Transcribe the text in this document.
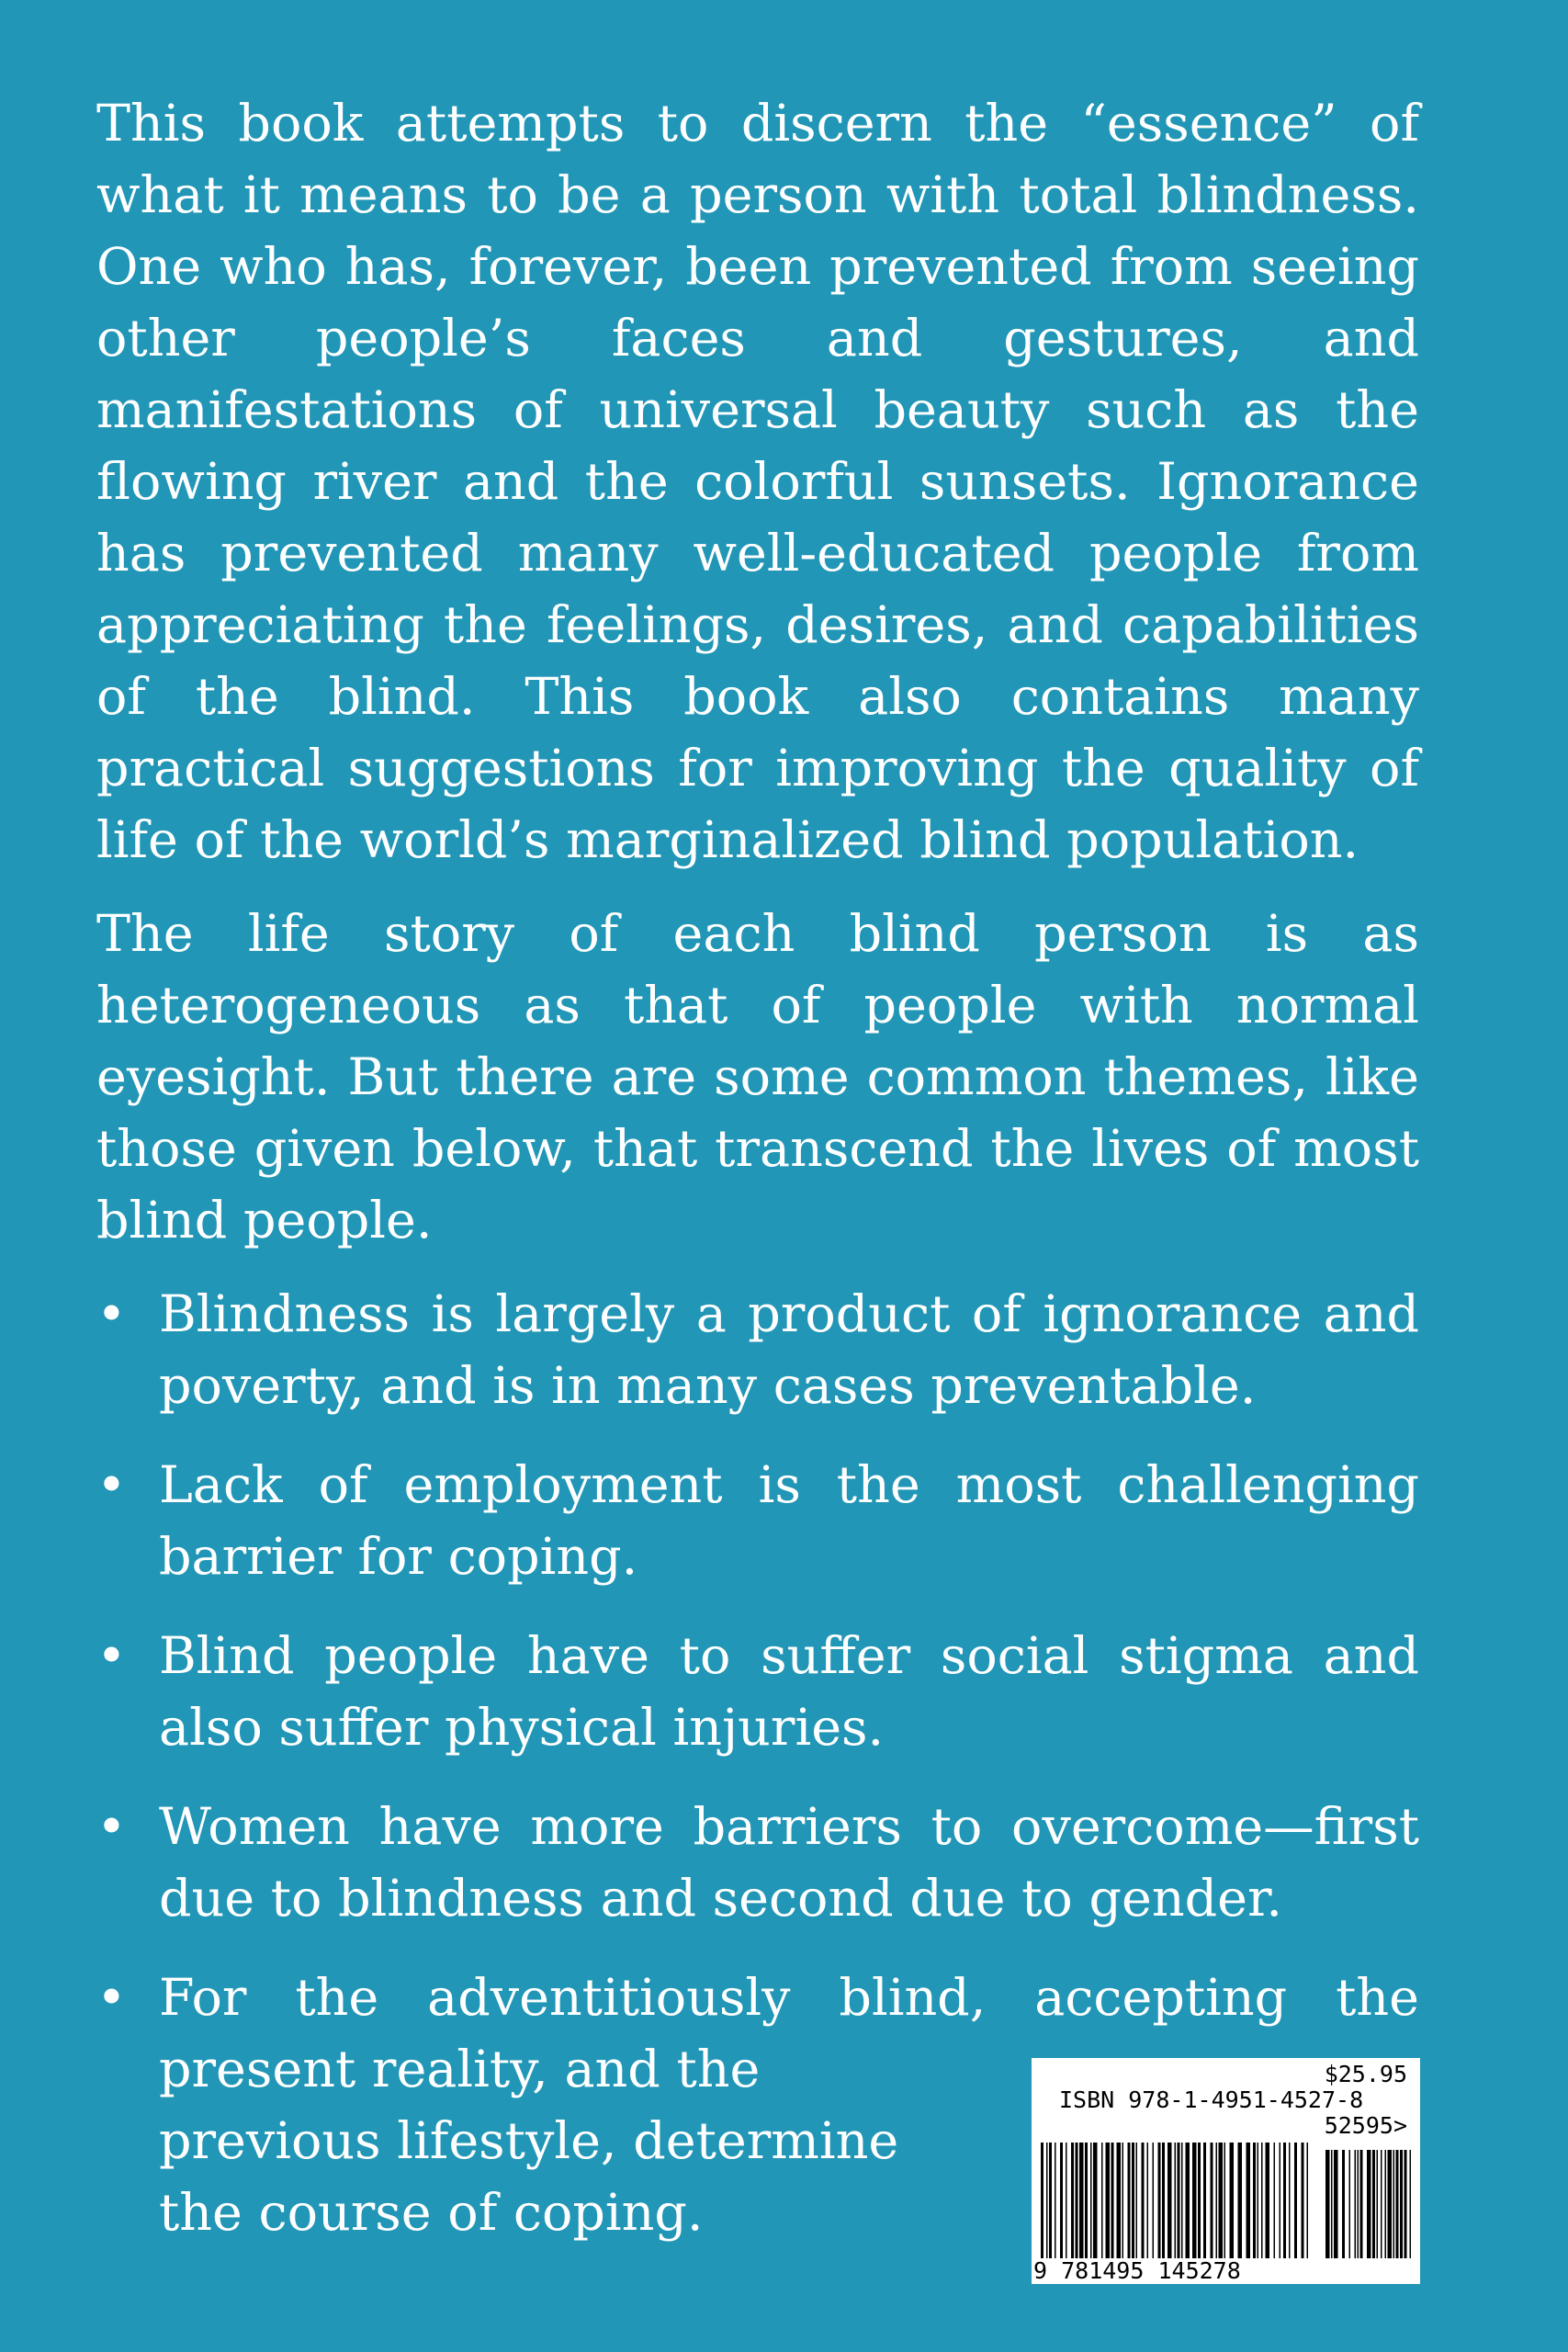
This book attempts to discern the “essence” of what it means to be a person with total blindness. One who has, forever, been prevented from seeing other people’s faces and gestures, and manifestations of universal beauty such as the flowing river and the colorful sunsets. Ignorance has prevented many well-educated people from appreciating the feelings, desires, and capabilities of the blind. This book also contains many practical suggestions for improving the quality of life of the world’s marginalized blind population.

The life story of each blind person is as heterogeneous as that of people with normal eyesight. But there are some common themes, like those given below, that transcend the lives of most blind people.

• Blindness is largely a product of ignorance and poverty, and is in many cases preventable.
• Lack of employment is the most challenging barrier for coping.
• Blind people have to suffer social stigma and also suffer physical injuries.
• Women have more barriers to overcome—first due to blindness and second due to gender.
• For the adventitiously blind, accepting the
present reality, and the previous lifestyle, determine the course of coping.
$25.95
ISBN 978-1-4951-4527-8
52595>
9 781495 145278
